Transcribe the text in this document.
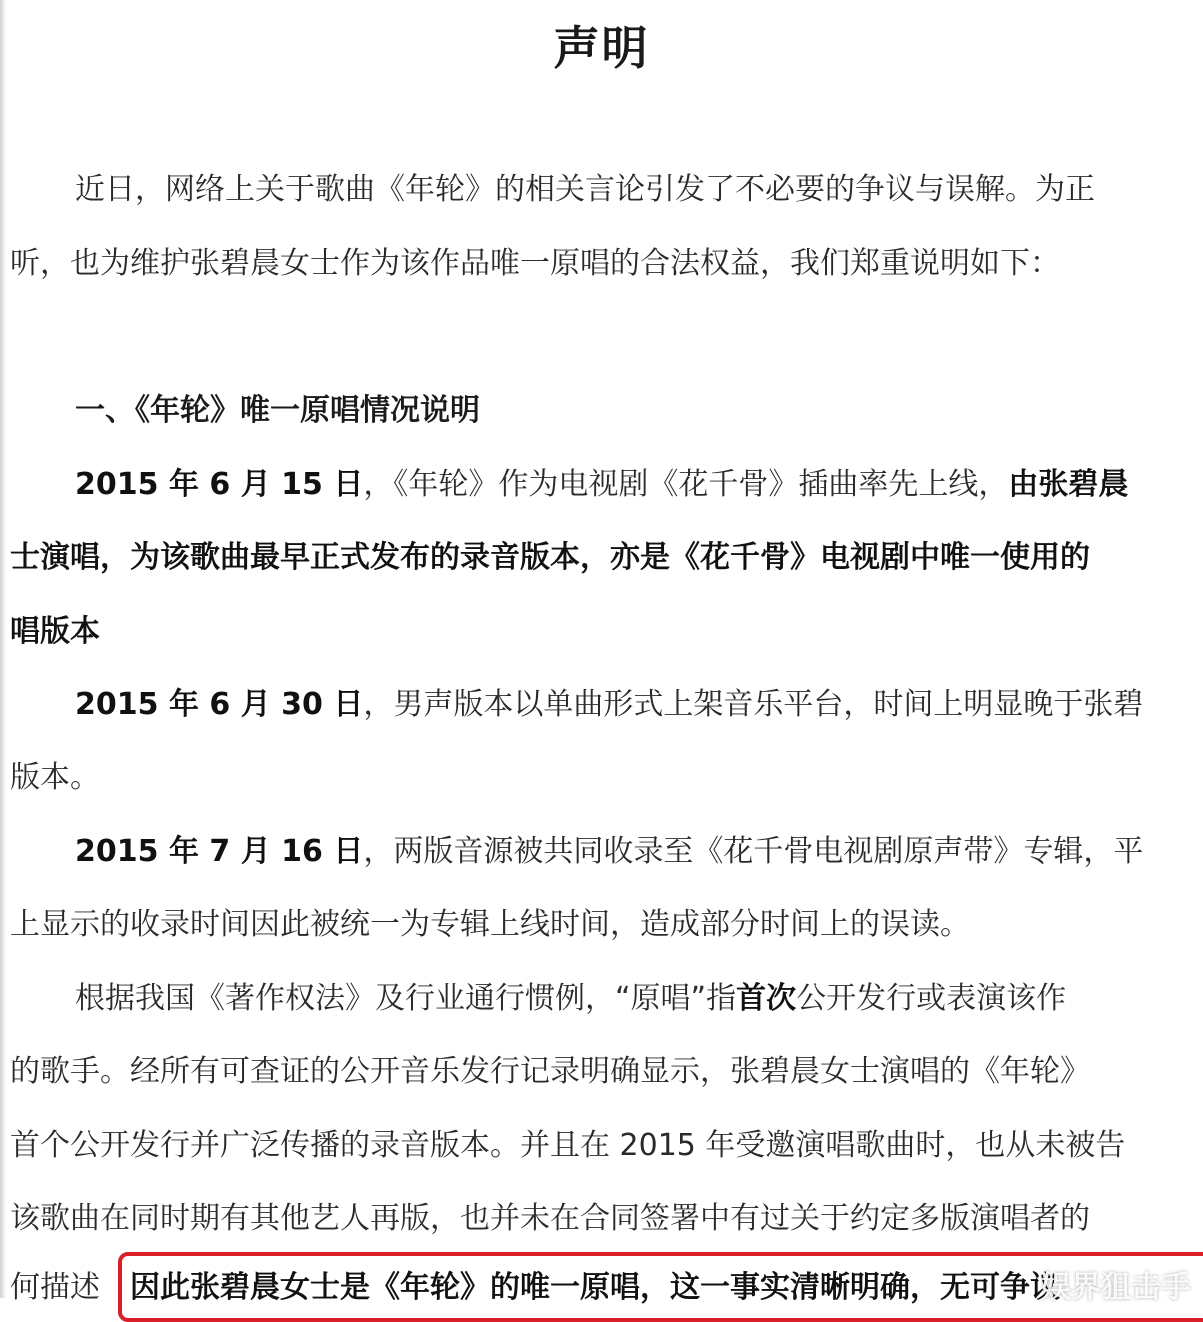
声明
近日，网络上关于歌曲《年轮》的相关言论引发了不必要的争议与误解。为正
听，也为维护张碧晨女士作为该作品唯一原唱的合法权益，我们郑重说明如下：
一、《年轮》唯一原唱情况说明
2015 年 6 月 15 日，《年轮》作为电视剧《花千骨》插曲率先上线，由张碧晨
士演唱，为该歌曲最早正式发布的录音版本，亦是《花千骨》电视剧中唯一使用的
唱版本
2015 年 6 月 30 日，男声版本以单曲形式上架音乐平台，时间上明显晚于张碧
版本。
2015 年 7 月 16 日，两版音源被共同收录至《花千骨电视剧原声带》专辑，平
上显示的收录时间因此被统一为专辑上线时间，造成部分时间上的误读。
根据我国《著作权法》及行业通行惯例，“原唱”指首次公开发行或表演该作
的歌手。经所有可查证的公开音乐发行记录明确显示，张碧晨女士演唱的《年轮》
首个公开发行并广泛传播的录音版本。并且在 2015 年受邀演唱歌曲时，也从未被告
该歌曲在同时期有其他艺人再版，也并未在合同签署中有过关于约定多版演唱者的
何描述 因此张碧晨女士是《年轮》的唯一原唱，这一事实清晰明确，无可争议
娱界狙击手
